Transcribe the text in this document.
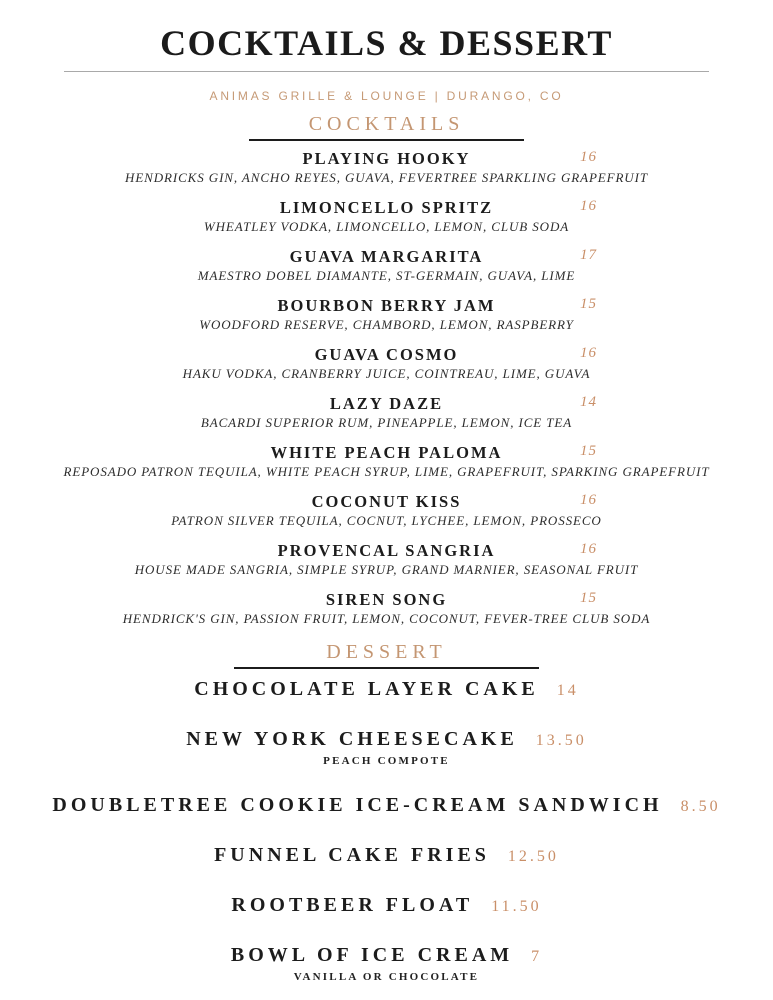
COCKTAILS & DESSERT
ANIMAS GRILLE & LOUNGE | DURANGO, CO
COCKTAILS
PLAYING HOOKY	16
HENDRICKS GIN, ANCHO REYES, GUAVA, FEVERTREE SPARKLING GRAPEFRUIT
LIMONCELLO SPRITZ	16
WHEATLEY VODKA, LIMONCELLO, LEMON, CLUB SODA
GUAVA MARGARITA	17
MAESTRO DOBEL DIAMANTE, ST-GERMAIN, GUAVA, LIME
BOURBON BERRY JAM	15
WOODFORD RESERVE, CHAMBORD, LEMON, RASPBERRY
GUAVA COSMO	16
HAKU VODKA, CRANBERRY JUICE, COINTREAU, LIME, GUAVA
LAZY DAZE	14
BACARDI SUPERIOR RUM, PINEAPPLE, LEMON, ICE TEA
WHITE PEACH PALOMA	15
REPOSADO PATRON TEQUILA, WHITE PEACH SYRUP, LIME, GRAPEFRUIT, SPARKING GRAPEFRUIT
COCONUT KISS	16
PATRON SILVER TEQUILA, COCNUT, LYCHEE, LEMON, PROSSECO
PROVENCAL SANGRIA	16
HOUSE MADE SANGRIA, SIMPLE SYRUP, GRAND MARNIER, SEASONAL FRUIT
SIREN SONG	15
HENDRICK'S GIN, PASSION FRUIT, LEMON, COCONUT, FEVER-TREE CLUB SODA
DESSERT
CHOCOLATE LAYER CAKE 14
NEW YORK CHEESECAKE 13.50
PEACH COMPOTE
DOUBLETREE COOKIE ICE-CREAM SANDWICH 8.50
FUNNEL CAKE FRIES 12.50
ROOTBEER FLOAT 11.50
BOWL OF ICE CREAM 7
VANILLA OR CHOCOLATE
